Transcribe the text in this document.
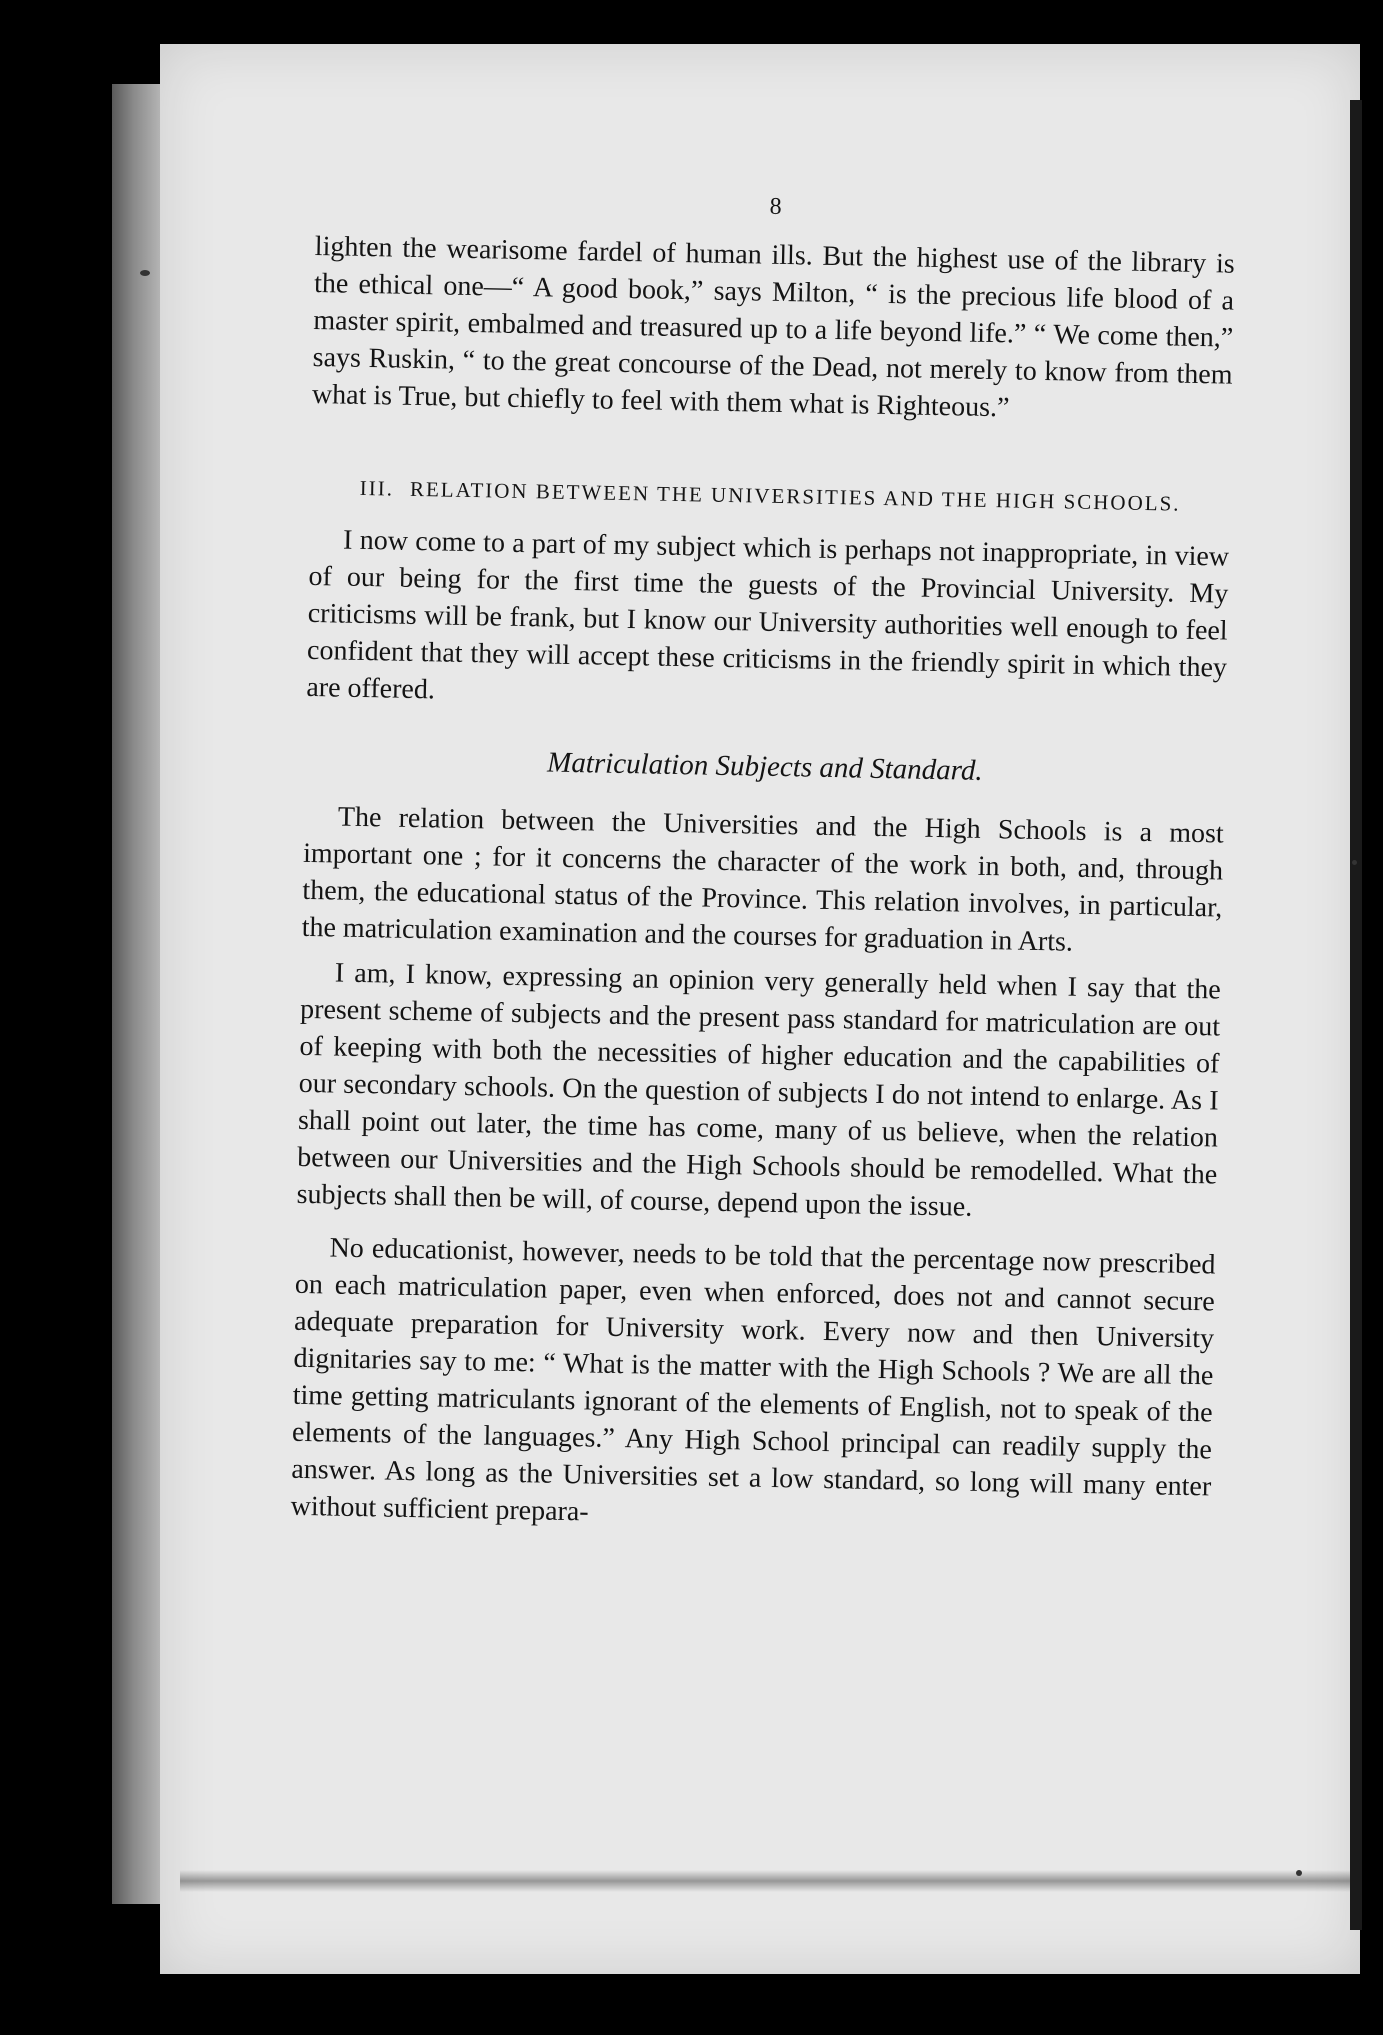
8

lighten the wearisome fardel of human ills. But the highest use of the library is the ethical one—“ A good book,” says Milton, “ is the precious life blood of a master spirit, embalmed and treasured up to a life beyond life.” “ We come then,” says Ruskin, “ to the great concourse of the Dead, not merely to know from them what is True, but chiefly to feel with them what is Righteous.”

III. RELATION BETWEEN THE UNIVERSITIES AND THE HIGH SCHOOLS.

I now come to a part of my subject which is perhaps not inappropriate, in view of our being for the first time the guests of the Provincial University. My criticisms will be frank, but I know our University authorities well enough to feel confident that they will accept these criticisms in the friendly spirit in which they are offered.

Matriculation Subjects and Standard.

The relation between the Universities and the High Schools is a most important one ; for it concerns the character of the work in both, and, through them, the educational status of the Province. This relation involves, in particular, the matriculation examination and the courses for graduation in Arts.

I am, I know, expressing an opinion very generally held when I say that the present scheme of subjects and the present pass standard for matriculation are out of keeping with both the necessities of higher education and the capabilities of our secondary schools. On the question of subjects I do not intend to enlarge. As I shall point out later, the time has come, many of us believe, when the relation between our Universities and the High Schools should be remodelled. What the subjects shall then be will, of course, depend upon the issue.

No educationist, however, needs to be told that the percentage now prescribed on each matriculation paper, even when enforced, does not and cannot secure adequate preparation for University work. Every now and then University dignitaries say to me: “ What is the matter with the High Schools ? We are all the time getting matriculants ignorant of the elements of English, not to speak of the elements of the languages.” Any High School principal can readily supply the answer. As long as the Universities set a low standard, so long will many enter without sufficient prepara-
